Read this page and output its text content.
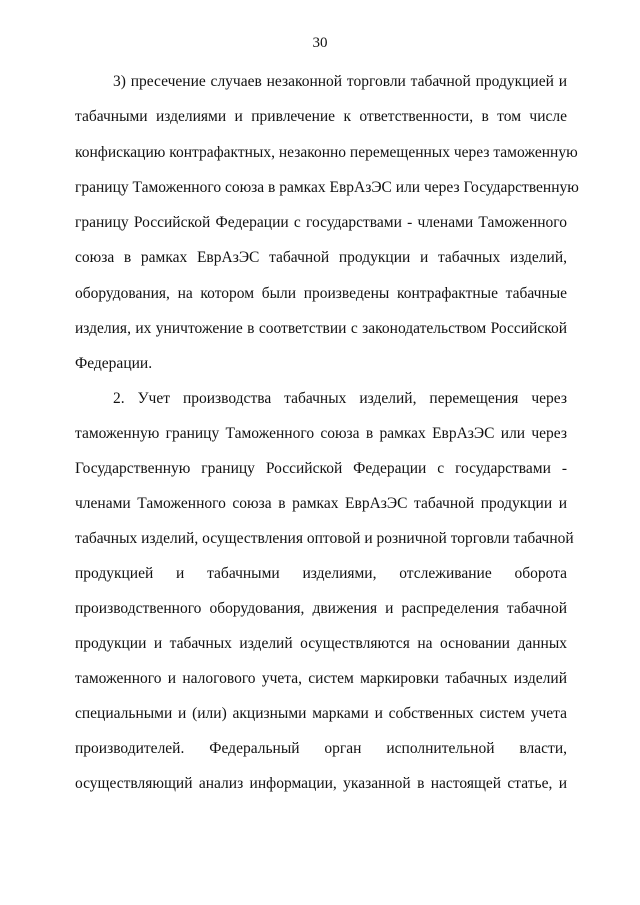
30
3) пресечение случаев незаконной торговли табачной продукцией и
табачными изделиями и привлечение к ответственности, в том числе
конфискацию контрафактных, незаконно перемещенных через таможенную
границу Таможенного союза в рамках ЕврАзЭС или через Государственную
границу Российской Федерации с государствами - членами Таможенного
союза в рамках ЕврАзЭС табачной продукции и табачных изделий,
оборудования, на котором были произведены контрафактные табачные
изделия, их уничтожение в соответствии с законодательством Российской
Федерации.
2. Учет производства табачных изделий, перемещения через
таможенную границу Таможенного союза в рамках ЕврАзЭС или через
Государственную границу Российской Федерации с государствами -
членами Таможенного союза в рамках ЕврАзЭС табачной продукции и
табачных изделий, осуществления оптовой и розничной торговли табачной
продукцией и табачными изделиями, отслеживание оборота
производственного оборудования, движения и распределения табачной
продукции и табачных изделий осуществляются на основании данных
таможенного и налогового учета, систем маркировки табачных изделий
специальными и (или) акцизными марками и собственных систем учета
производителей. Федеральный орган исполнительной власти,
осуществляющий анализ информации, указанной в настоящей статье, и
